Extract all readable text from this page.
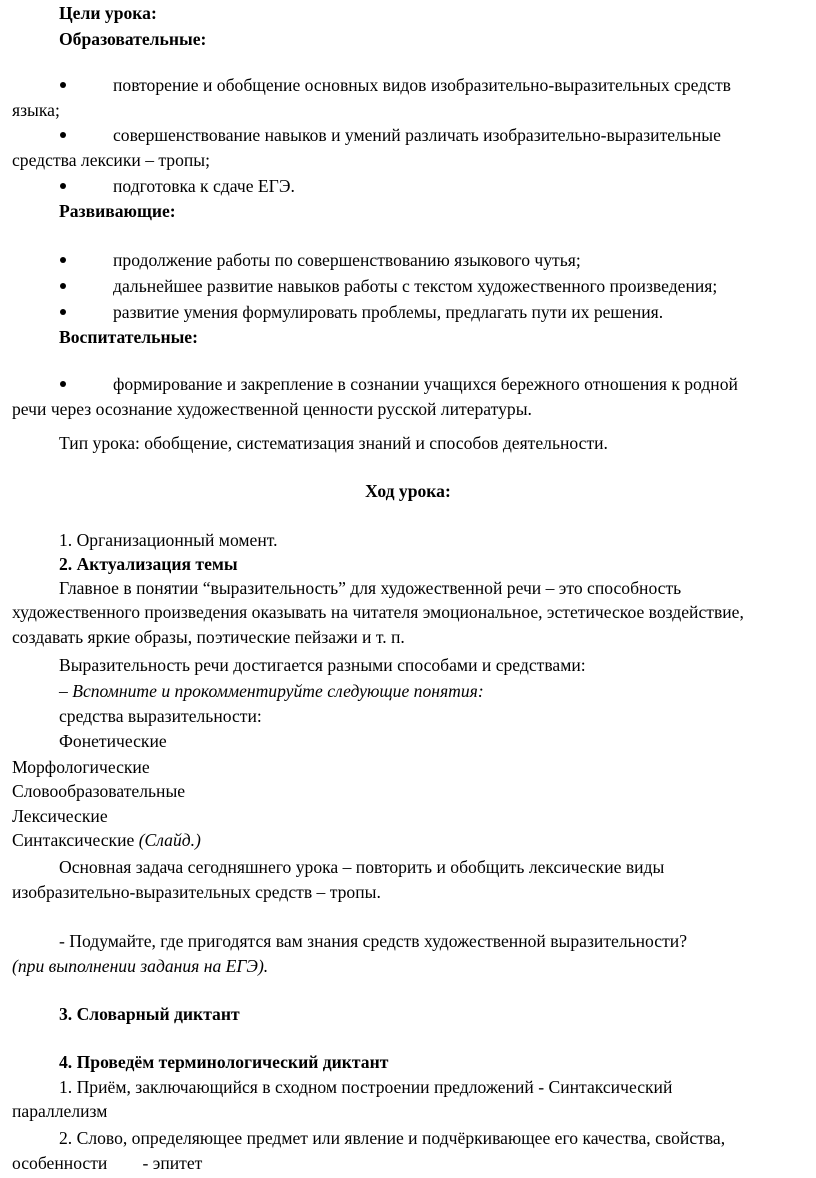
Цели урока:
Образовательные:
повторение и обобщение основных видов изобразительно-выразительных средств
языка;
совершенствование навыков и умений различать изобразительно-выразительные
средства лексики – тропы;
подготовка к сдаче ЕГЭ.
Развивающие:
продолжение работы по совершенствованию языкового чутья;
дальнейшее развитие навыков работы с текстом художественного произведения;
развитие умения формулировать проблемы, предлагать пути их решения.
Воспитательные:
формирование и закрепление в сознании учащихся бережного отношения к родной
речи через осознание художественной ценности русской литературы.
Тип урока: обобщение, систематизация знаний и способов деятельности.
Ход урока:
1. Организационный момент.
2. Актуализация темы
Главное в понятии “выразительность” для художественной речи – это способность
художественного произведения оказывать на читателя эмоциональное, эстетическое воздействие,
создавать яркие образы, поэтические пейзажи и т. п.
Выразительность речи достигается разными способами и средствами:
– Вспомните и прокомментируйте следующие понятия:
средства выразительности:
Фонетические
Морфологические
Словообразовательные
Лексические
Синтаксические (Слайд.)
Основная задача сегодняшнего урока – повторить и обобщить лексические виды
изобразительно-выразительных средств – тропы.
- Подумайте, где пригодятся вам знания средств художественной выразительности?
(при выполнении задания на ЕГЭ).
3. Словарный диктант
4. Проведём терминологический диктант
1. Приём, заключающийся в сходном построении предложений - Синтаксический
параллелизм
2. Слово, определяющее предмет или явление и подчёркивающее его качества, свойства,
особенности        - эпитет
